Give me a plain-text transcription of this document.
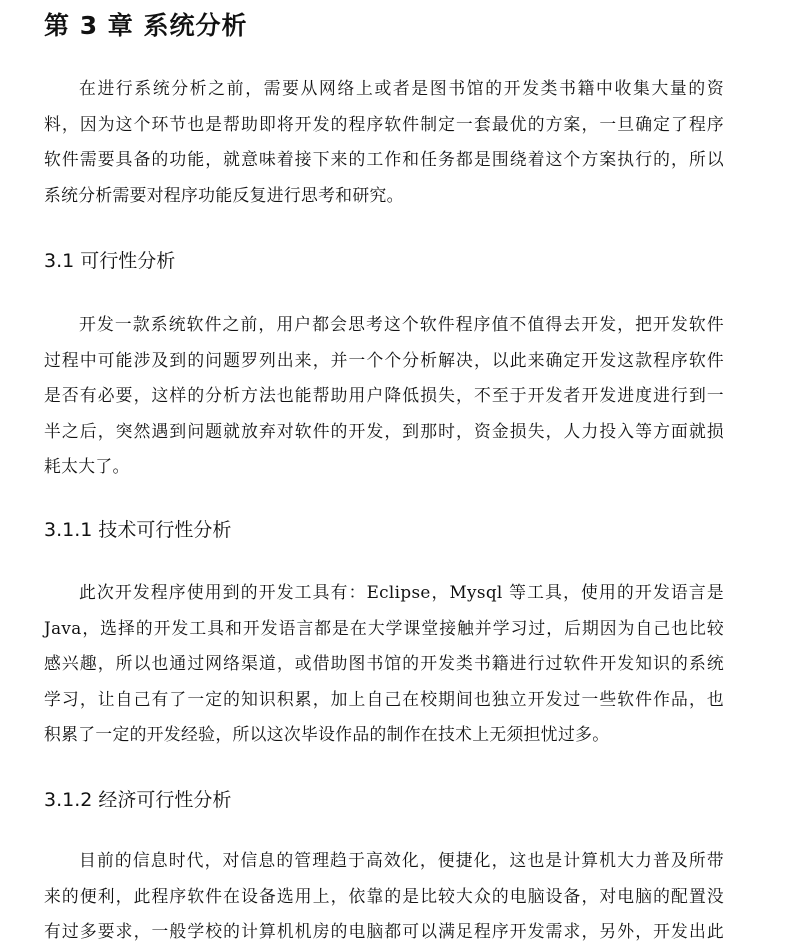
第 3 章 系统分析
在进行系统分析之前，需要从网络上或者是图书馆的开发类书籍中收集大量的资
料，因为这个环节也是帮助即将开发的程序软件制定一套最优的方案，一旦确定了程序
软件需要具备的功能，就意味着接下来的工作和任务都是围绕着这个方案执行的，所以
系统分析需要对程序功能反复进行思考和研究。
3.1 可行性分析
开发一款系统软件之前，用户都会思考这个软件程序值不值得去开发，把开发软件
过程中可能涉及到的问题罗列出来，并一个个分析解决，以此来确定开发这款程序软件
是否有必要，这样的分析方法也能帮助用户降低损失，不至于开发者开发进度进行到一
半之后，突然遇到问题就放弃对软件的开发，到那时，资金损失，人力投入等方面就损
耗太大了。
3.1.1 技术可行性分析
此次开发程序使用到的开发工具有：Eclipse，Mysql 等工具，使用的开发语言是
Java，选择的开发工具和开发语言都是在大学课堂接触并学习过，后期因为自己也比较
感兴趣，所以也通过网络渠道，或借助图书馆的开发类书籍进行过软件开发知识的系统
学习，让自己有了一定的知识积累，加上自己在校期间也独立开发过一些软件作品，也
积累了一定的开发经验，所以这次毕设作品的制作在技术上无须担忧过多。
3.1.2 经济可行性分析
目前的信息时代，对信息的管理趋于高效化，便捷化，这也是计算机大力普及所带
来的便利，此程序软件在设备选用上，依靠的是比较大众的电脑设备，对电脑的配置没
有过多要求，一般学校的计算机机房的电脑都可以满足程序开发需求，另外，开发出此
